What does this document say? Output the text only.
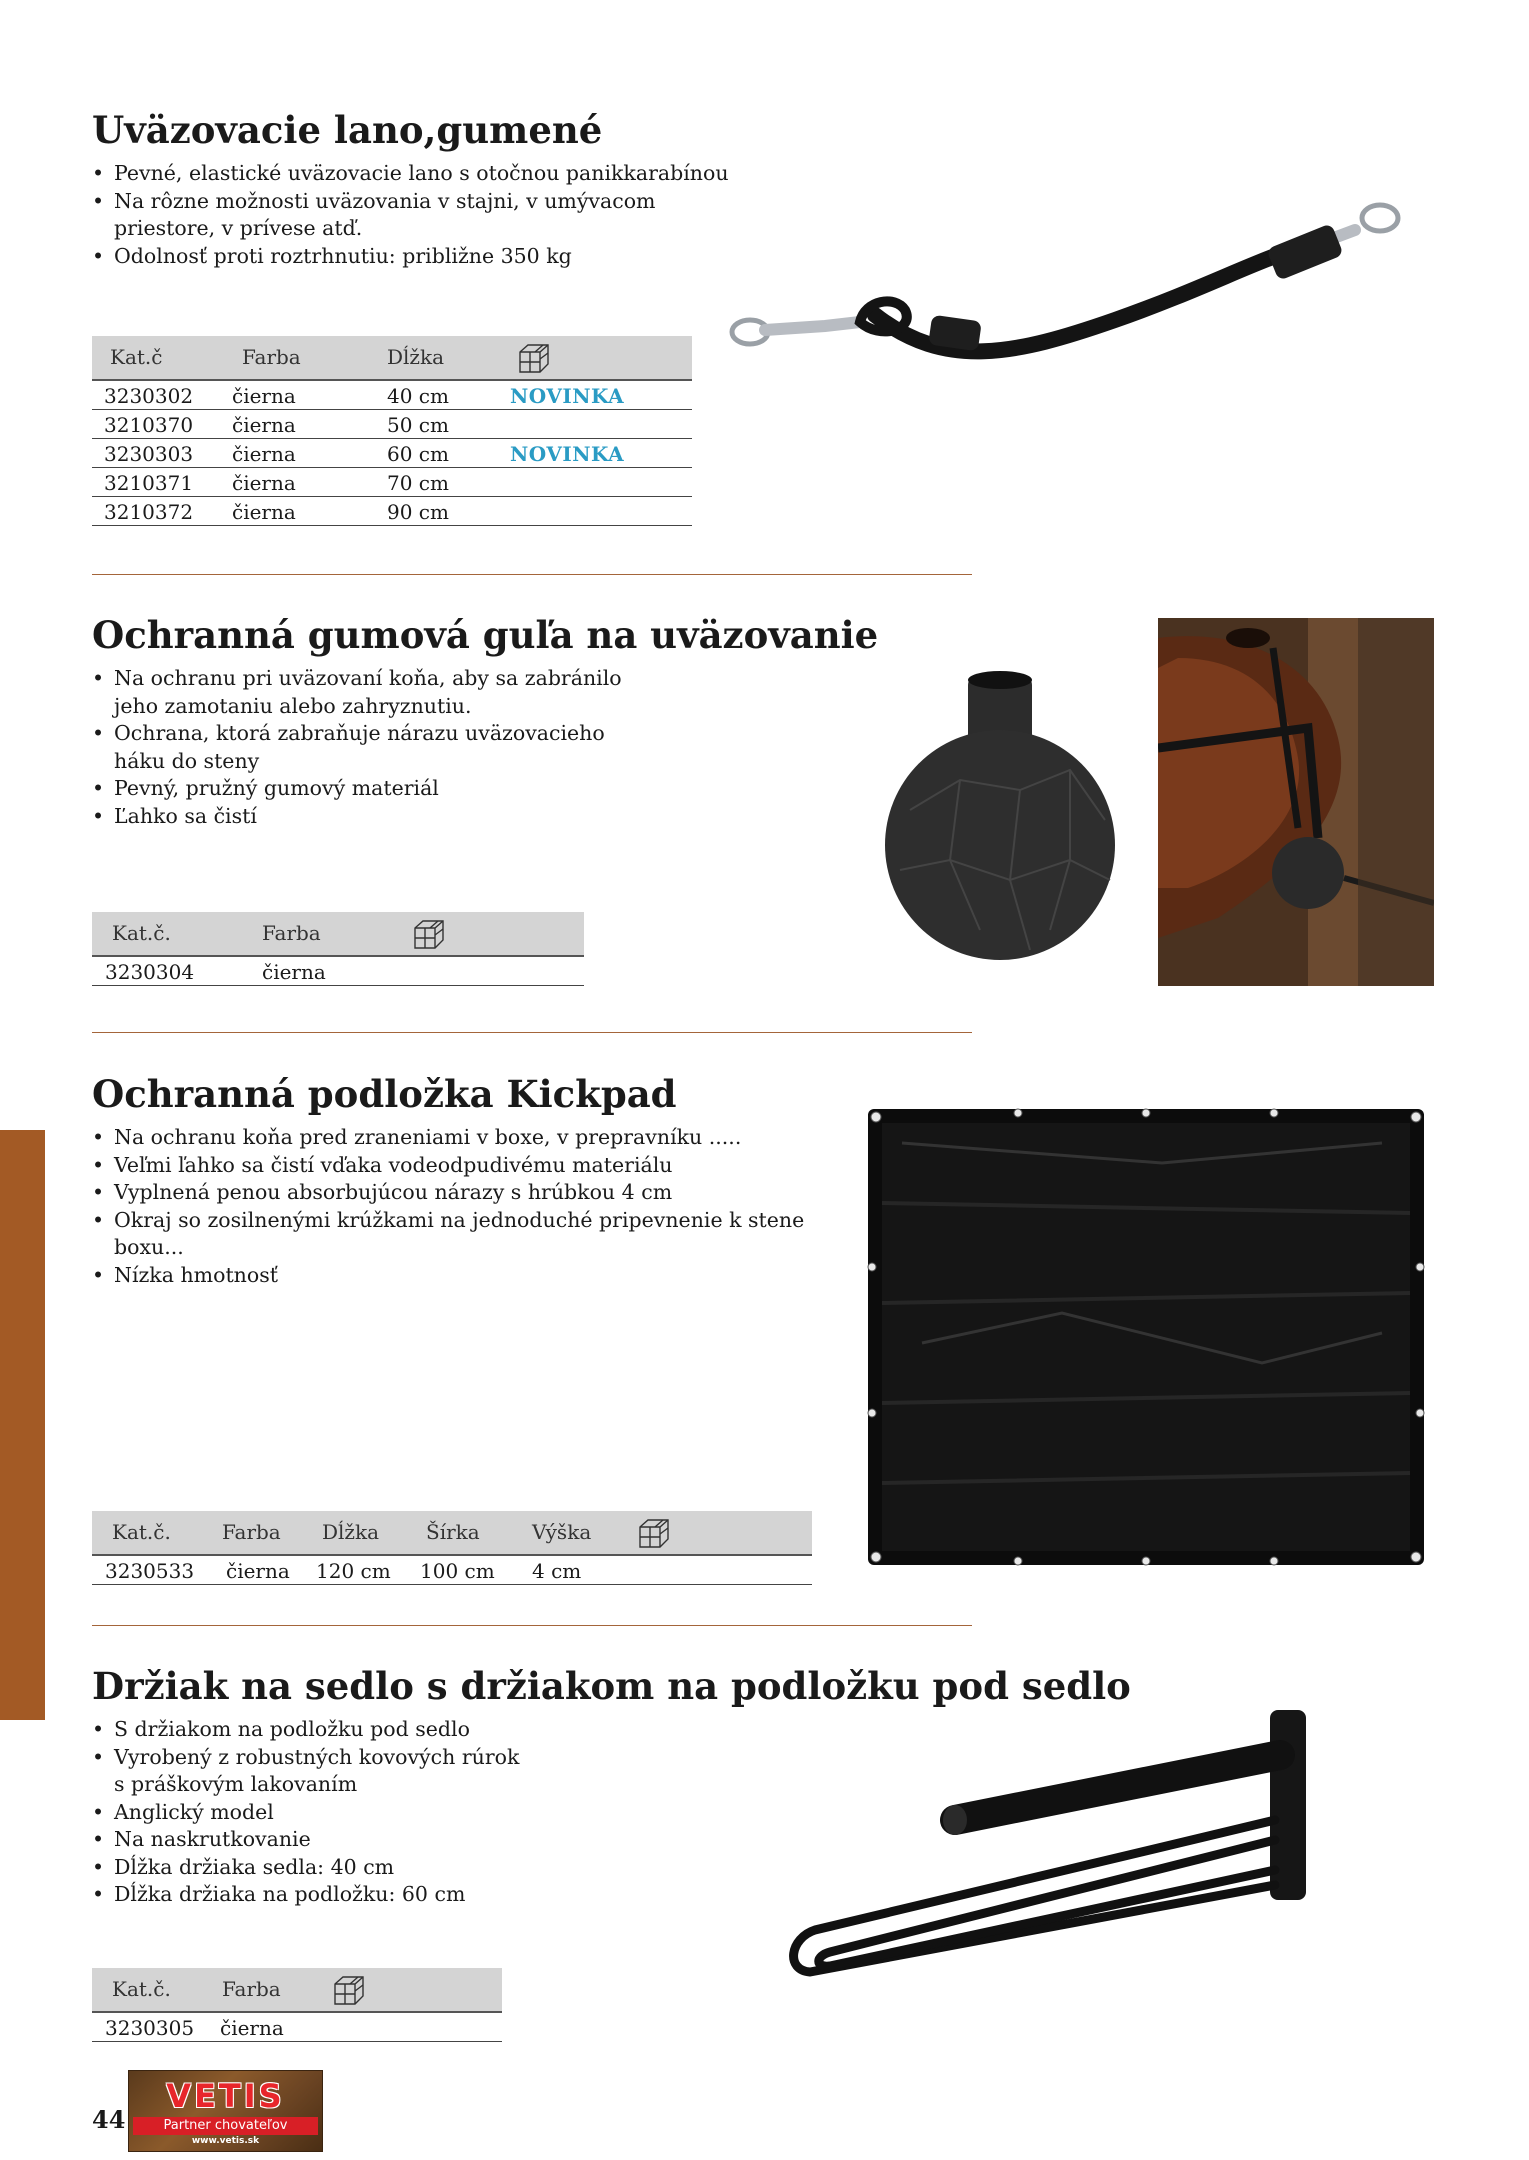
Uväzovacie lano,gumené
• Pevné, elastické uväzovacie lano s otočnou panikkarabínou
• Na rôzne možnosti uväzovania v stajni, v umývacom priestore, v prívese atď.
• Odolnosť proti roztrhnutiu: približne 350 kg
Kat.č	Farba	Dĺžka
3230302 čierna	40 cm	NOVINKA
3210370 čierna	50 cm
3230303 čierna	60 cm	NOVINKA
3210371 čierna	70 cm
3210372 čierna	90 cm
Ochranná gumová guľa na uväzovanie
• Na ochranu pri uväzovaní koňa, aby sa zabránilo jeho zamotaniu alebo zahryznutiu.
• Ochrana, ktorá zabraňuje nárazu uväzovacieho háku do steny
• Pevný, pružný gumový materiál
• Ľahko sa čistí
Kat.č.	Farba
3230304	čierna
Ochranná podložka Kickpad
• Na ochranu koňa pred zraneniami v boxe, v prepravníku .....
• Veľmi ľahko sa čistí vďaka vodeodpudivému materiálu
• Vyplnená penou absorbujúcou nárazy s hrúbkou 4 cm
• Okraj so zosilnenými krúžkami na jednoduché pripevnenie k stene boxu...
• Nízka hmotnosť
Kat.č.	Farba Dĺžka Šírka	Výška
3230533 čierna 120 cm 100 cm 4 cm
Držiak na sedlo s držiakom na podložku pod sedlo
• S držiakom na podložku pod sedlo
• Vyrobený z robustných kovových rúrok s práškovým lakovaním
• Anglický model
• Na naskrutkovanie
• Dĺžka držiaka sedla: 40 cm
• Dĺžka držiaka na podložku: 60 cm
Kat.č.	Farba
3230305 čierna
44
VETIS
Partner chovateľov
www.vetis.sk
